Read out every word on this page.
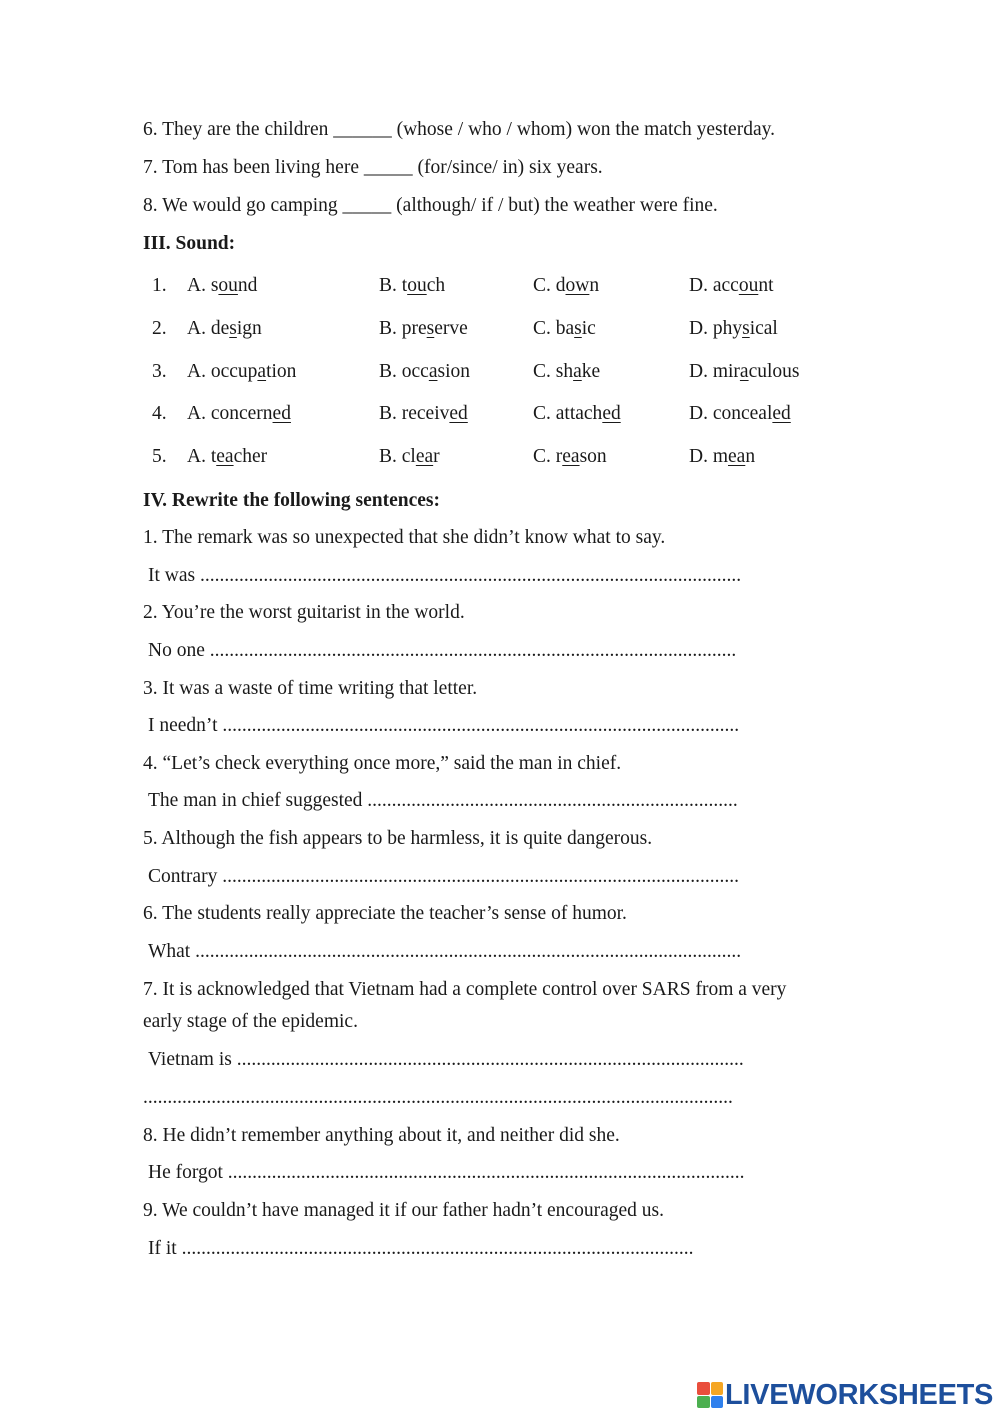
6. They are the children ______ (whose / who / whom) won the match yesterday.
7. Tom has been living here _____ (for/since/ in) six years.
8. We would go camping _____ (although/ if / but) the weather were fine.
III. Sound:
1. A. sound	B. touch	C. down	D. account
2. A. design	B. preserve	C. basic	D. physical
3. A. occupation	B. occasion	C. shake	D. miraculous
4. A. concerned	B. received	C. attached	D. concealed
5. A. teacher	B. clear	C. reason	D. mean
IV. Rewrite the following sentences:
1. The remark was so unexpected that she didn’t know what to say.
It was ...............................................................................................................
2. You’re the worst guitarist in the world.
No one ............................................................................................................
3. It was a waste of time writing that letter.
I needn’t ..........................................................................................................
4. “Let’s check everything once more,” said the man in chief.
The man in chief suggested ............................................................................
5. Although the fish appears to be harmless, it is quite dangerous.
Contrary ..........................................................................................................
6. The students really appreciate the teacher’s sense of humor.
What ................................................................................................................
7. It is acknowledged that Vietnam had a complete control over SARS from a very
early stage of the epidemic.
Vietnam is ........................................................................................................
.........................................................................................................................
8. He didn’t remember anything about it, and neither did she.
He forgot ..........................................................................................................
9. We couldn’t have managed it if our father hadn’t encouraged us.
If it .........................................................................................................
LIVEWORKSHEETS
